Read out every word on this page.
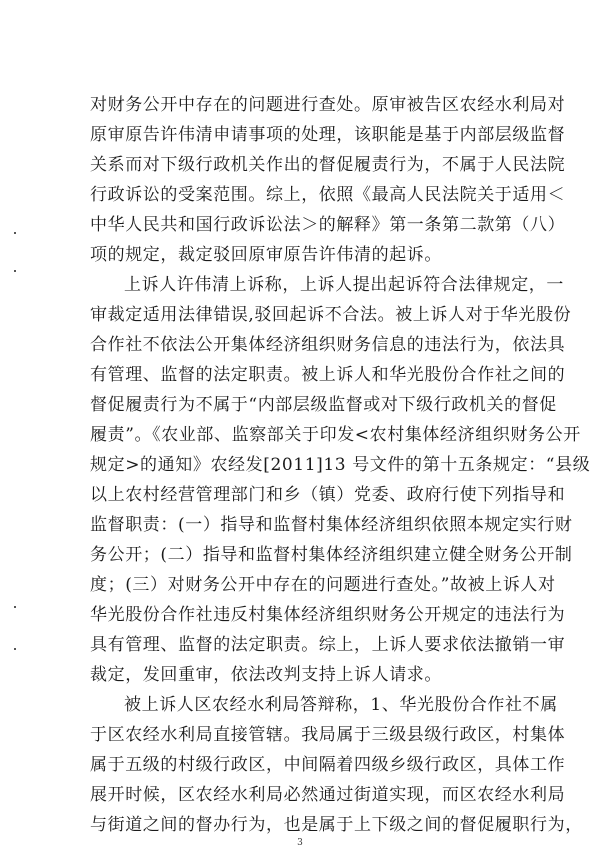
对财务公开中存在的问题进行查处。原审被告区农经水利局对
原审原告许伟清申请事项的处理，该职能是基于内部层级监督
关系而对下级行政机关作出的督促履责行为，不属于人民法院
行政诉讼的受案范围。综上，依照《最高人民法院关于适用＜
中华人民共和国行政诉讼法＞的解释》第一条第二款第（八）
项的规定，裁定驳回原审原告许伟清的起诉。
上诉人许伟清上诉称，上诉人提出起诉符合法律规定，一
审裁定适用法律错误,驳回起诉不合法。被上诉人对于华光股份
合作社不依法公开集体经济组织财务信息的违法行为，依法具
有管理、监督的法定职责。被上诉人和华光股份合作社之间的
督促履责行为不属于“内部层级监督或对下级行政机关的督促
履责”。《农业部、监察部关于印发<农村集体经济组织财务公开
规定>的通知》农经发[2011]13 号文件的第十五条规定：“县级
以上农村经营管理部门和乡（镇）党委、政府行使下列指导和
监督职责：(一）指导和监督村集体经济组织依照本规定实行财
务公开；(二）指导和监督村集体经济组织建立健全财务公开制
度；(三）对财务公开中存在的问题进行查处。”故被上诉人对
华光股份合作社违反村集体经济组织财务公开规定的违法行为
具有管理、监督的法定职责。综上，上诉人要求依法撤销一审
裁定，发回重审，依法改判支持上诉人请求。
被上诉人区农经水利局答辩称，1、华光股份合作社不属
于区农经水利局直接管辖。我局属于三级县级行政区，村集体
属于五级的村级行政区，中间隔着四级乡级行政区，具体工作
展开时候，区农经水利局必然通过街道实现，而区农经水利局
与街道之间的督办行为，也是属于上下级之间的督促履职行为，
3
